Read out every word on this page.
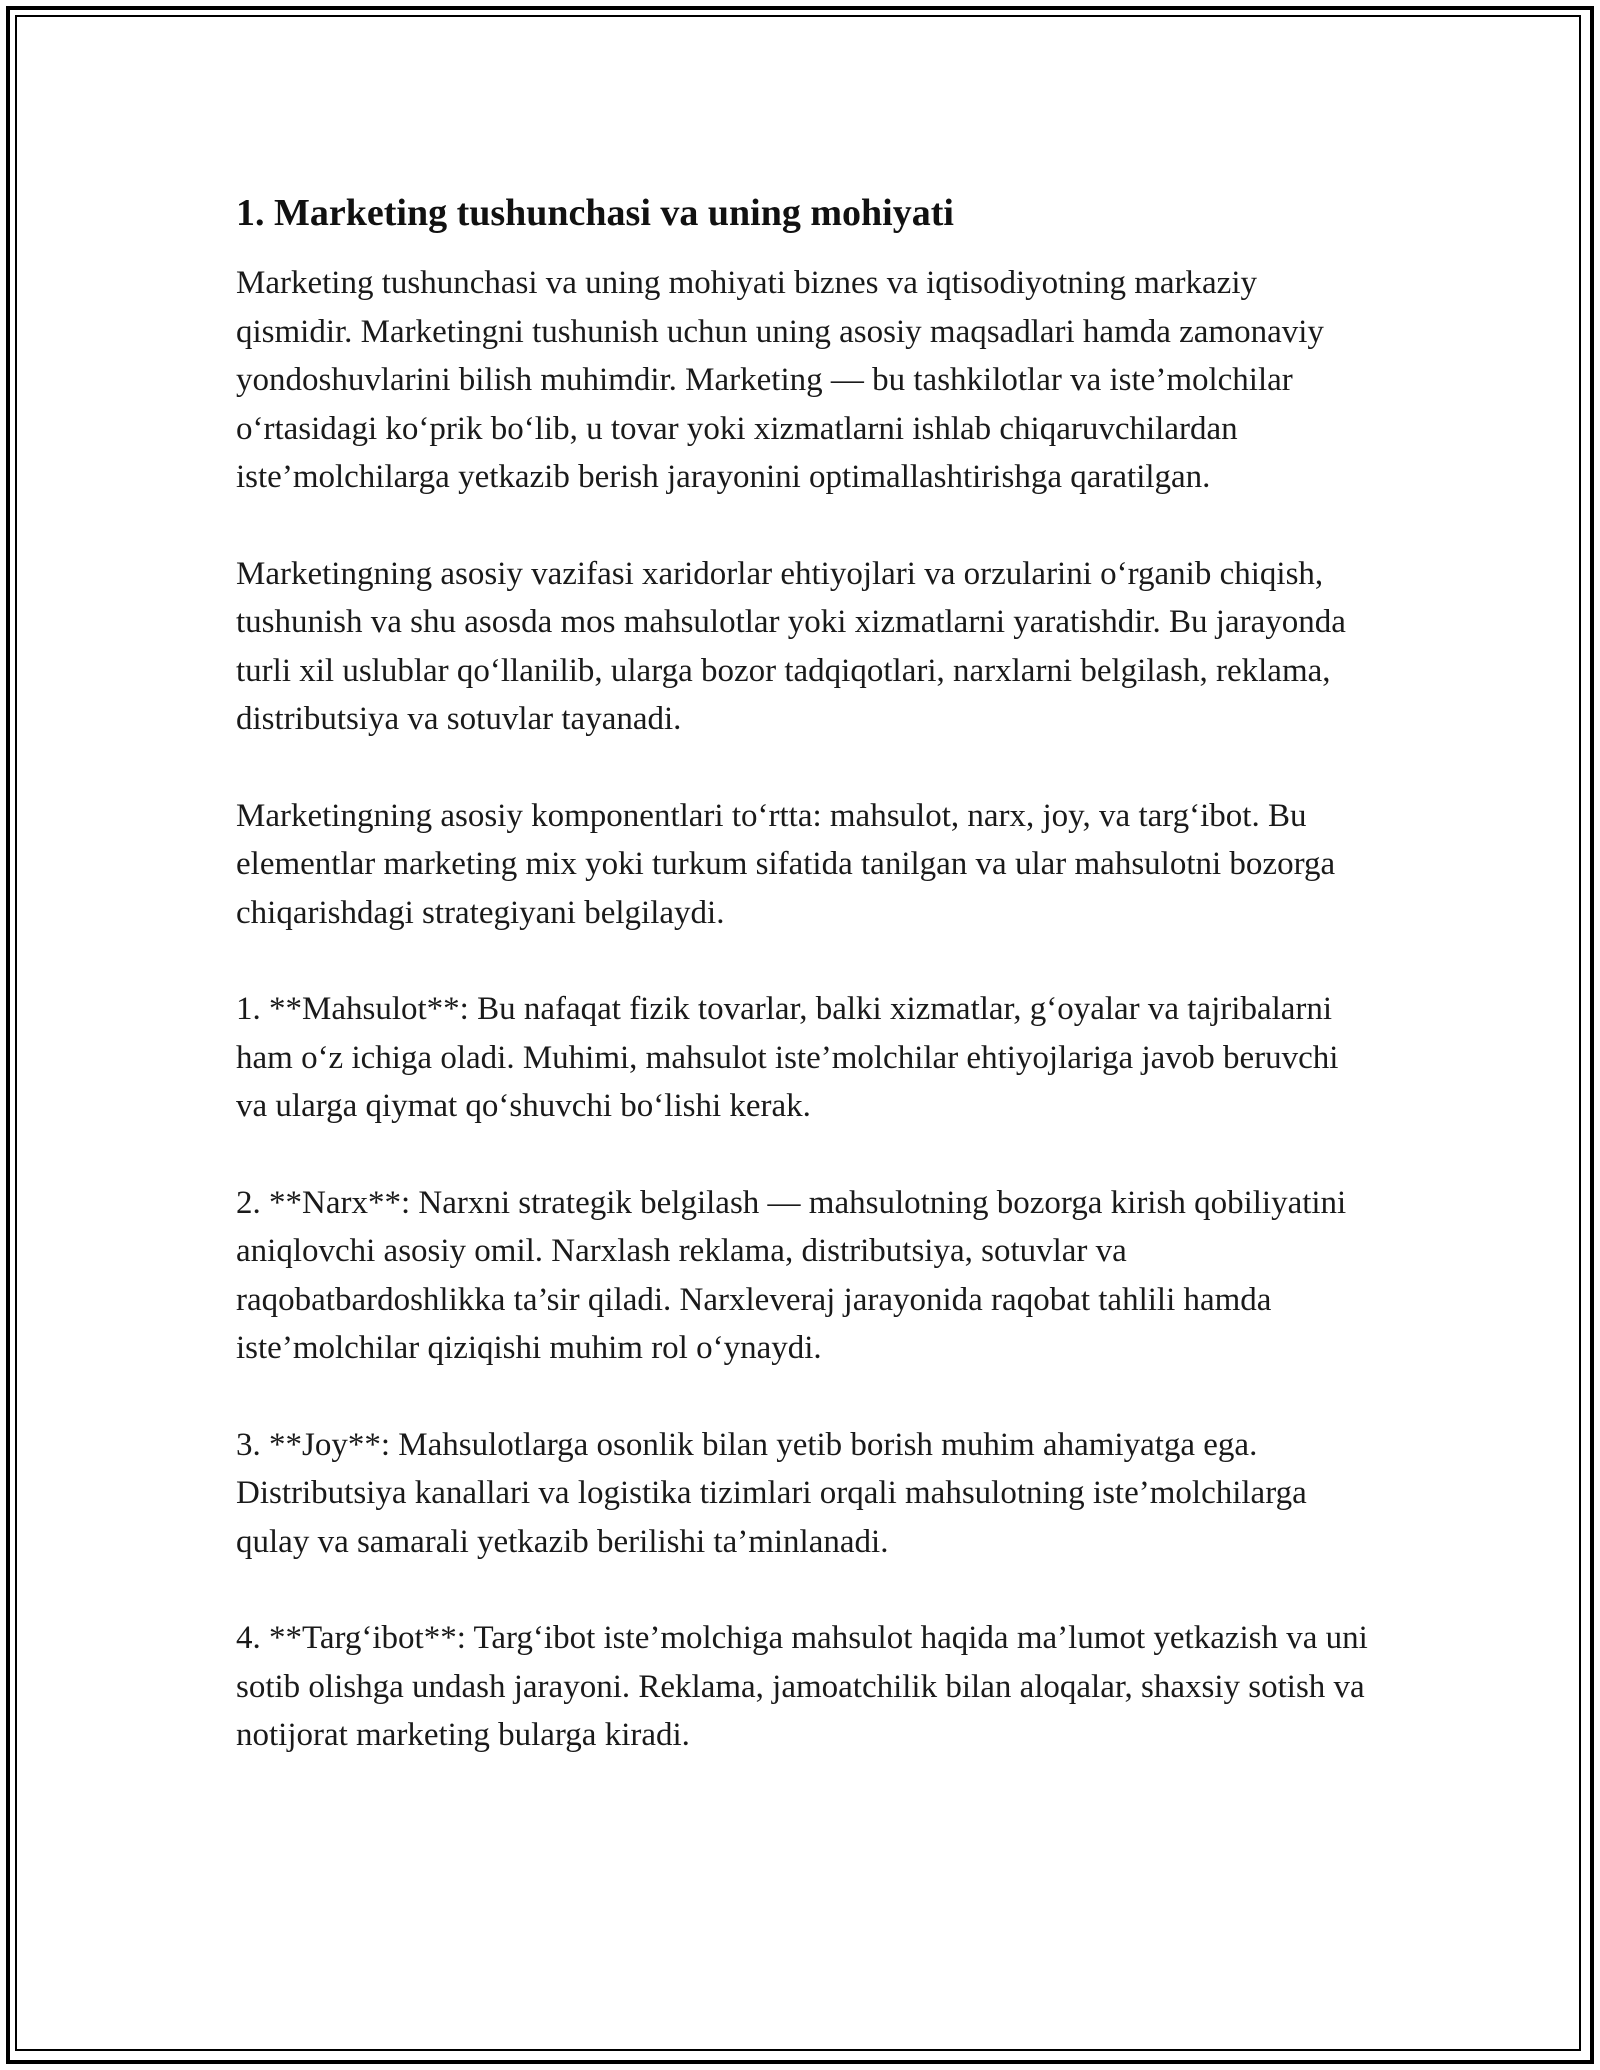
1. Marketing tushunchasi va uning mohiyati

Marketing tushunchasi va uning mohiyati biznes va iqtisodiyotning markaziy qismidir. Marketingni tushunish uchun uning asosiy maqsadlari hamda zamonaviy yondoshuvlarini bilish muhimdir. Marketing — bu tashkilotlar va iste’molchilar o‘rtasidagi ko‘prik bo‘lib, u tovar yoki xizmatlarni ishlab chiqaruvchilardan iste’molchilarga yetkazib berish jarayonini optimallashtirishga qaratilgan.

Marketingning asosiy vazifasi xaridorlar ehtiyojlari va orzularini o‘rganib chiqish, tushunish va shu asosda mos mahsulotlar yoki xizmatlarni yaratishdir. Bu jarayonda turli xil uslublar qo‘llanilib, ularga bozor tadqiqotlari, narxlarni belgilash, reklama, distributsiya va sotuvlar tayanadi.

Marketingning asosiy komponentlari to‘rtta: mahsulot, narx, joy, va targ‘ibot. Bu elementlar marketing mix yoki turkum sifatida tanilgan va ular mahsulotni bozorga chiqarishdagi strategiyani belgilaydi.

1. **Mahsulot**: Bu nafaqat fizik tovarlar, balki xizmatlar, g‘oyalar va tajribalarni ham o‘z ichiga oladi. Muhimi, mahsulot iste’molchilar ehtiyojlariga javob beruvchi va ularga qiymat qo‘shuvchi bo‘lishi kerak.

2. **Narx**: Narxni strategik belgilash — mahsulotning bozorga kirish qobiliyatini aniqlovchi asosiy omil. Narxlash reklama, distributsiya, sotuvlar va raqobatbardoshlikka ta’sir qiladi. Narxleveraj jarayonida raqobat tahlili hamda iste’molchilar qiziqishi muhim rol o‘ynaydi.

3. **Joy**: Mahsulotlarga osonlik bilan yetib borish muhim ahamiyatga ega. Distributsiya kanallari va logistika tizimlari orqali mahsulotning iste’molchilarga qulay va samarali yetkazib berilishi ta’minlanadi.

4. **Targ‘ibot**: Targ‘ibot iste’molchiga mahsulot haqida ma’lumot yetkazish va uni sotib olishga undash jarayoni. Reklama, jamoatchilik bilan aloqalar, shaxsiy sotish va notijorat marketing bularga kiradi.
